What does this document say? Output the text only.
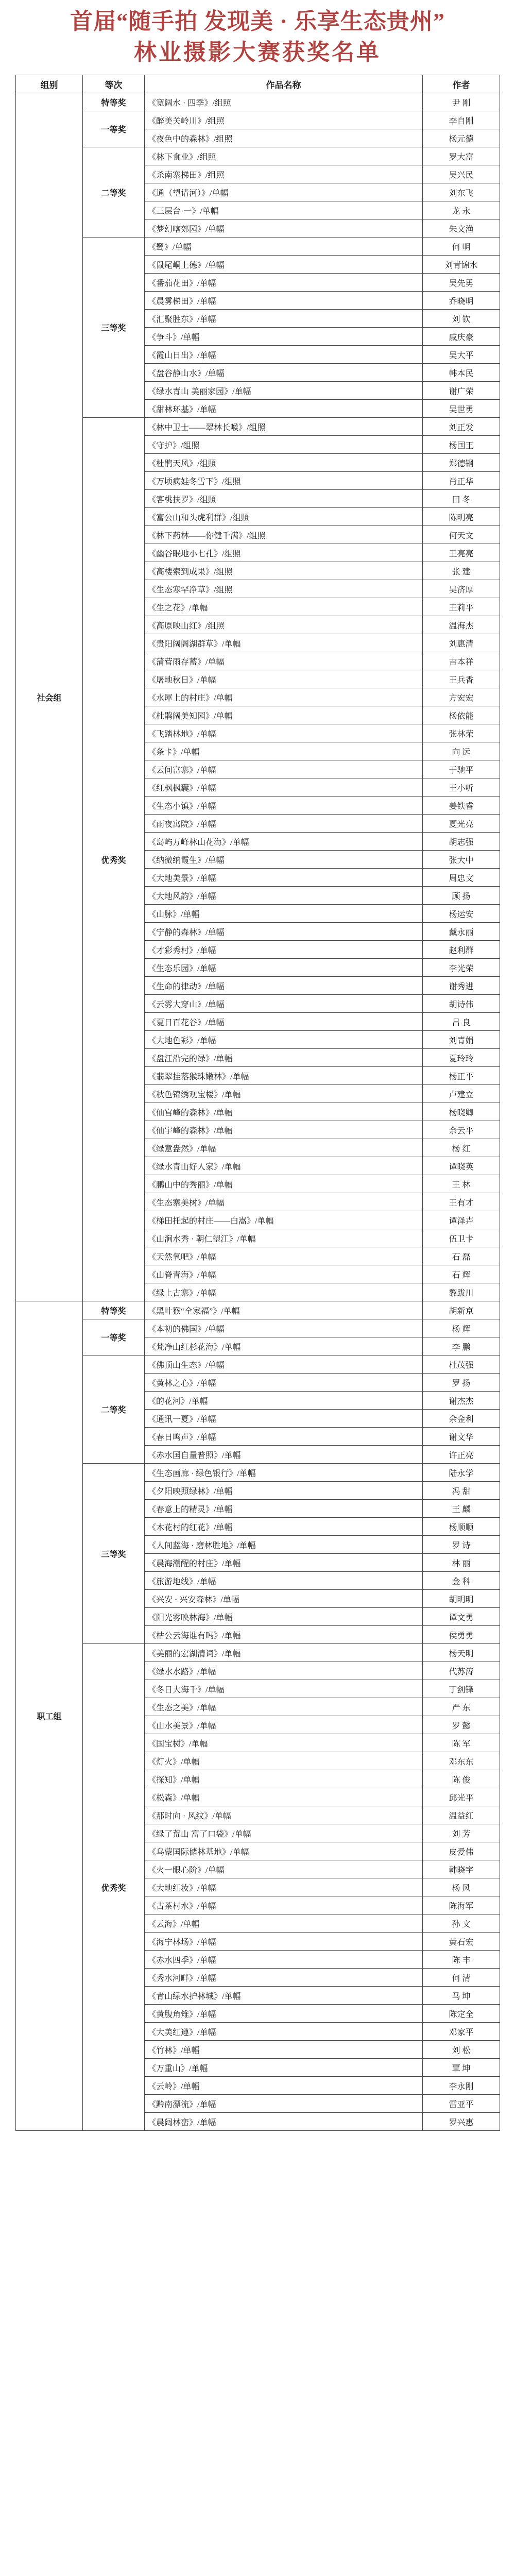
首届“随手拍 发现美 · 乐享生态贵州”
林业摄影大赛获奖名单
组别	等次	作品名称	作者
社会组	特等奖	《宽阔水 · 四季》/组照	尹 刚
	一等奖	《醉美关岭川》/组照	李自刚
		《夜色中的森林》/组照	杨元德
	二等奖	《林下食业》/组照	罗大富
		《杀南寨梯田》/组照	吴兴民
		《通（望请河）》/单幅	刘东飞
		《三层台·一》/单幅	龙 永
		《梦幻喀郊园》/单幅	朱文渔
	三等奖	《鹭》/单幅	何 明
		《鼠尾峒上德》/单幅	刘青锦水
		《番茄花田》/单幅	吴先勇
		《晨雾梯田》/单幅	乔晓明
		《汇聚胜东》/单幅	刘 钦
		《争斗》/单幅	戚庆豪
		《霞山日出》/单幅	吴大平
		《盘谷静山水》/单幅	韩本民
		《绿水青山 美丽家园》/单幅	谢广荣
		《甜林环基》/单幅	吴世勇
	优秀奖	《林中卫士——翠林长喉》/组照	刘正发
		《守护》/组照	杨国王
		《杜鹃天风》/组照	郑德钢
		《万顷疯娃冬雪下》/组照	肖正华
		《客桃扶罗》/组照	田 冬
		《富公山和头虎利群》/组照	陈明亮
		《林下药林——你健千满》/组照	何天文
		《幽谷眠地小七孔》/组照	王亮亮
		《高楼索到成果》/组照	张 建
		《生态寒罕净草》/组照	吴济厚
		《生之花》/单幅	王莉平
		《高原映山红》/组照	温海杰
		《贵阳阔阁湖群草》/单幅	刘惠清
		《蒲营雨存蓄》/单幅	吉本祥
		《屠地秋日》/单幅	王兵香
		《水犀上的村庄》/单幅	方宏宏
		《杜鹃阔美知园》/单幅	杨依能
		《飞踏林地》/单幅	张林荣
		《条卡》/单幅	向 远
		《云间富寨》/单幅	于驰平
		《红枫枫囊》/单幅	王小听
		《生态小镇》/单幅	姜铁睿
		《雨夜寓院》/单幅	夏光亮
		《岛屿万峰林山花海》/单幅	胡志强
		《纳微纳霞生》/单幅	张大中
		《大地美景》/单幅	周忠文
		《大地风韵》/单幅	顾 扬
		《山脉》/单幅	杨运安
		《宁静的森林》/单幅	戴永丽
		《才彩秀村》/单幅	赵利群
		《生态乐园》/单幅	李光荣
		《生命的律动》/单幅	谢秀进
		《云雾大穿山》/单幅	胡诗伟
		《夏日百花谷》/单幅	吕 良
		《大地色彩》/单幅	刘青娟
		《盘江沿完的绿》/单幅	夏玲玲
		《翡翠挂落猴珠嫩林》/单幅	杨正平
		《秋色锦绣观宝楼》/单幅	卢建立
		《仙宫峰的森林》/单幅	杨晓卿
		《仙宇峰的森林》/单幅	余云平
		《绿意盎然》/单幅	杨 红
		《绿水青山好人家》/单幅	谭晓英
		《鹏山中的秀丽》/单幅	王 林
		《生态寨美树》/单幅	王有才
		《梯田托起的村庄——白嵩》/单幅	谭泽卉
		《山涧水秀 · 朝仁望江》/单幅	伍卫卡
		《天然氧吧》/单幅	石 磊
		《山脊青海》/单幅	石 辉
		《绿上古寨》/单幅	黎跋川
职工组	特等奖	《黑叶猴“全家福”》/单幅	胡新京
	一等奖	《本初的佛国》/单幅	杨 辉
		《梵净山红杉花海》/单幅	李 鹏
	二等奖	《佛顶山生态》/单幅	杜茂强
		《黄林之心》/单幅	罗 扬
		《的花河》/单幅	谢杰杰
		《通讯一夏》/单幅	余金利
		《春日鸣声》/单幅	谢文华
		《赤水国自量普照》/单幅	许正亮
	三等奖	《生态画廊 · 绿色银行》/单幅	陆永学
		《夕阳映照绿林》/单幅	冯 甜
		《春意上的精灵》/单幅	王 麟
		《木花村的红花》/单幅	杨顺顺
		《人间蓝海 · 磨林胜地》/单幅	罗 诗
		《晨海潮醒的村庄》/单幅	林 丽
		《旅游地线》/单幅	金 科
		《兴安 · 兴安森林》/单幅	胡明明
		《阳光雾映林海》/单幅	谭文勇
		《枯公云海谁有吗》/单幅	侯勇勇
	优秀奖	《美丽的宏湖清词》/单幅	杨天明
		《绿水水路》/单幅	代苏涛
		《冬日大海千》/单幅	丁剑锋
		《生态之美》/单幅	严 东
		《山水美景》/单幅	罗 懿
		《国宝树》/单幅	陈 军
		《灯火》/单幅	邓东东
		《探知》/单幅	陈 俊
		《松森》/单幅	邱光平
		《那时向 · 风纹》/单幅	温益红
		《绿了荒山 富了口袋》/单幅	刘 芳
		《乌蒙国际储林基地》/单幅	皮爱伟
		《火一眼心阶》/单幅	韩晓宇
		《大地红妆》/单幅	杨 风
		《古茶村水》/单幅	陈海军
		《云海》/单幅	孙 文
		《海宁林场》/单幅	黄石宏
		《赤水四季》/单幅	陈 丰
		《秀水河畔》/单幅	何 清
		《青山绿水护林城》/单幅	马 坤
		《黄腹角雉》/单幅	陈定全
		《大美红遵》/单幅	邓家平
		《竹林》/单幅	刘 松
		《万重山》/单幅	覃 坤
		《云岭》/单幅	李永刚
		《黔南漂流》/单幅	雷亚平
		《晨阔林峦》/单幅	罗兴惠
